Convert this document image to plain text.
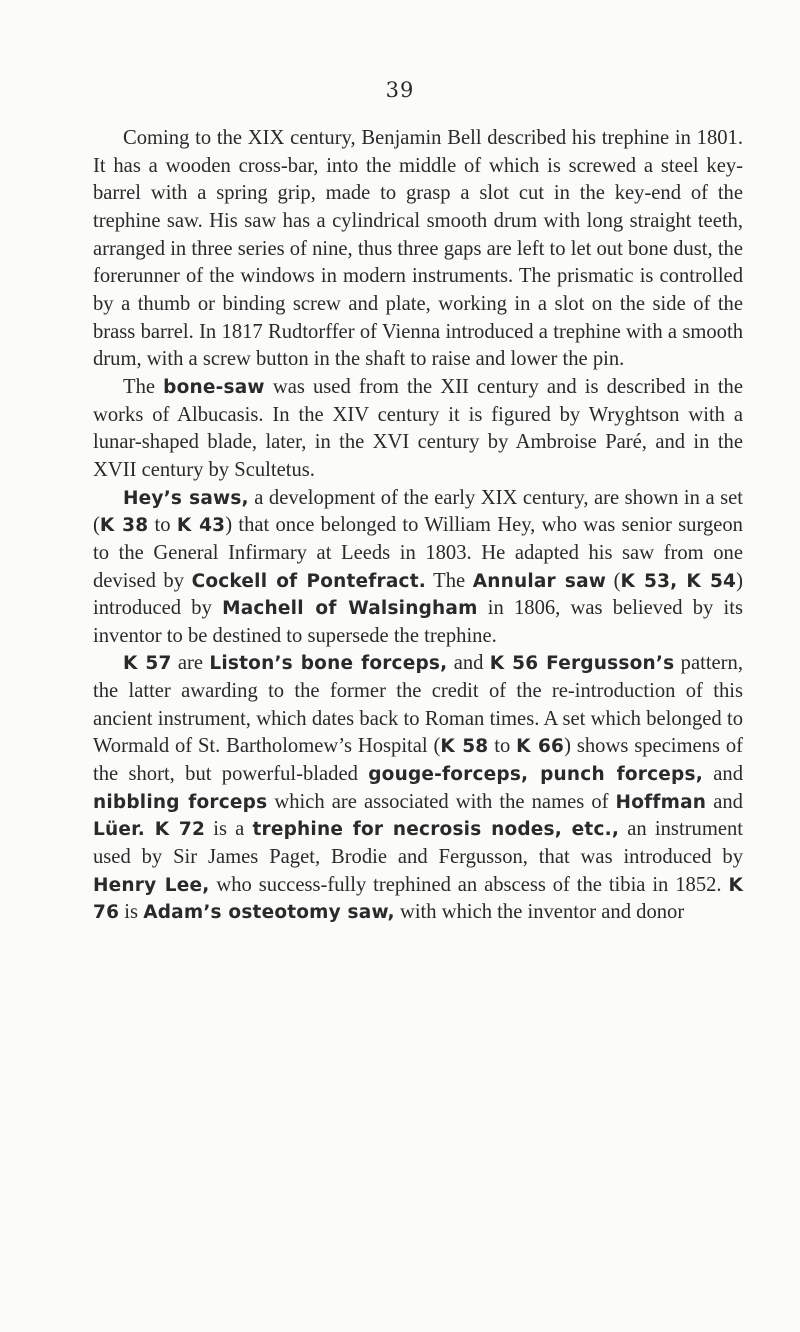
39

Coming to the XIX century, Benjamin Bell described his trephine in 1801. It has a wooden cross-bar, into the middle of which is screwed a steel key-barrel with a spring grip, made to grasp a slot cut in the key-end of the trephine saw. His saw has a cylindrical smooth drum with long straight teeth, arranged in three series of nine, thus three gaps are left to let out bone dust, the forerunner of the windows in modern instruments. The prismatic is controlled by a thumb or binding screw and plate, working in a slot on the side of the brass barrel. In 1817 Rudtorffer of Vienna introduced a trephine with a smooth drum, with a screw button in the shaft to raise and lower the pin.

The bone-saw was used from the XII century and is described in the works of Albucasis. In the XIV century it is figured by Wryghtson with a lunar-shaped blade, later, in the XVI century by Ambroise Paré, and in the XVII century by Scultetus.

Hey’s saws, a development of the early XIX century, are shown in a set (K 38 to K 43) that once belonged to William Hey, who was senior surgeon to the General Infirmary at Leeds in 1803. He adapted his saw from one devised by Cockell of Pontefract. The Annular saw (K 53, K 54) introduced by Machell of Walsingham in 1806, was believed by its inventor to be destined to supersede the trephine.

K 57 are Liston’s bone forceps, and K 56 Fergusson’s pattern, the latter awarding to the former the credit of the re-introduction of this ancient instrument, which dates back to Roman times. A set which belonged to Wormald of St. Bartholomew’s Hospital (K 58 to K 66) shows specimens of the short, but powerful-bladed gouge-forceps, punch forceps, and nibbling forceps which are associated with the names of Hoffman and Lüer. K 72 is a trephine for necrosis nodes, etc., an instrument used by Sir James Paget, Brodie and Fergusson, that was introduced by Henry Lee, who success-fully trephined an abscess of the tibia in 1852. K 76 is Adam’s osteotomy saw, with which the inventor and donor
